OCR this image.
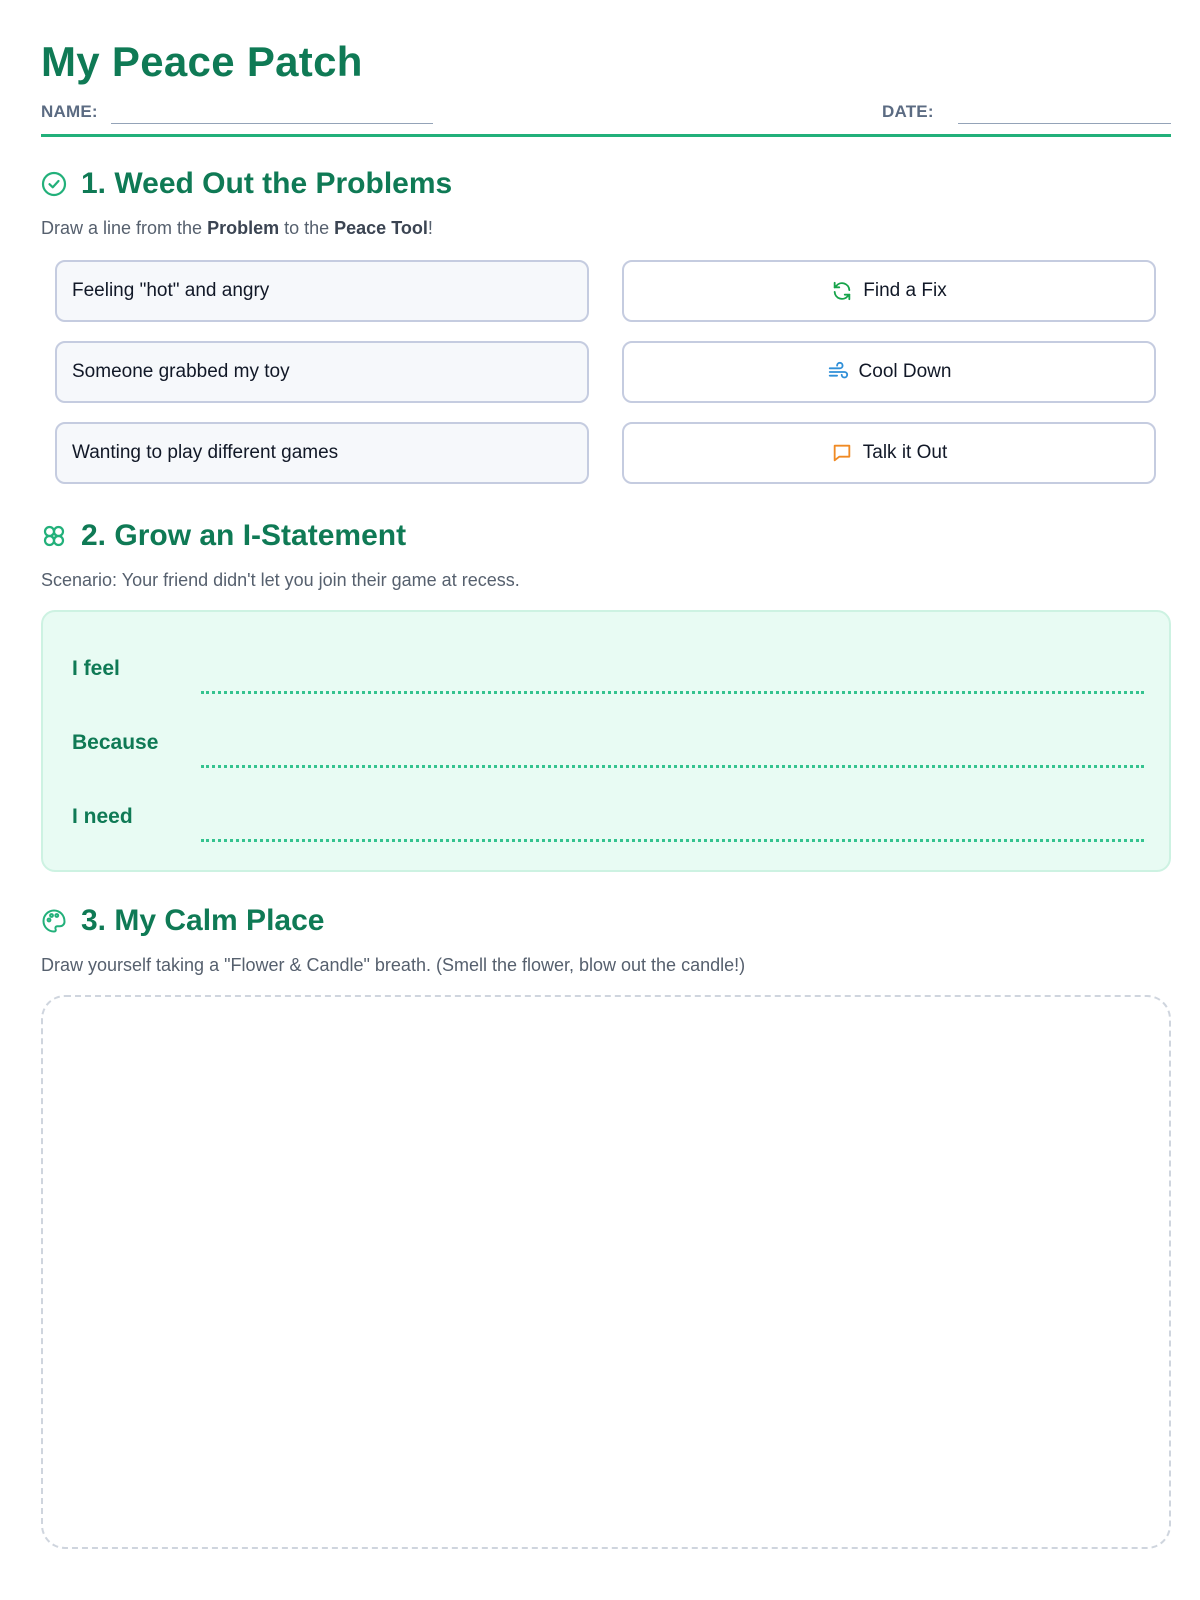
My Peace Patch
NAME:	DATE:
1. Weed Out the Problems

Draw a line from the Problem to the Peace Tool!

Feeling "hot" and angry
Someone grabbed my toy
Wanting to play different games
Find a Fix
Cool Down
Talk it Out
2. Grow an I-Statement

Scenario: Your friend didn't let you join their game at recess.

I feel
Because
I need
3. My Calm Place

Draw yourself taking a "Flower & Candle" breath. (Smell the flower, blow out the candle!)
